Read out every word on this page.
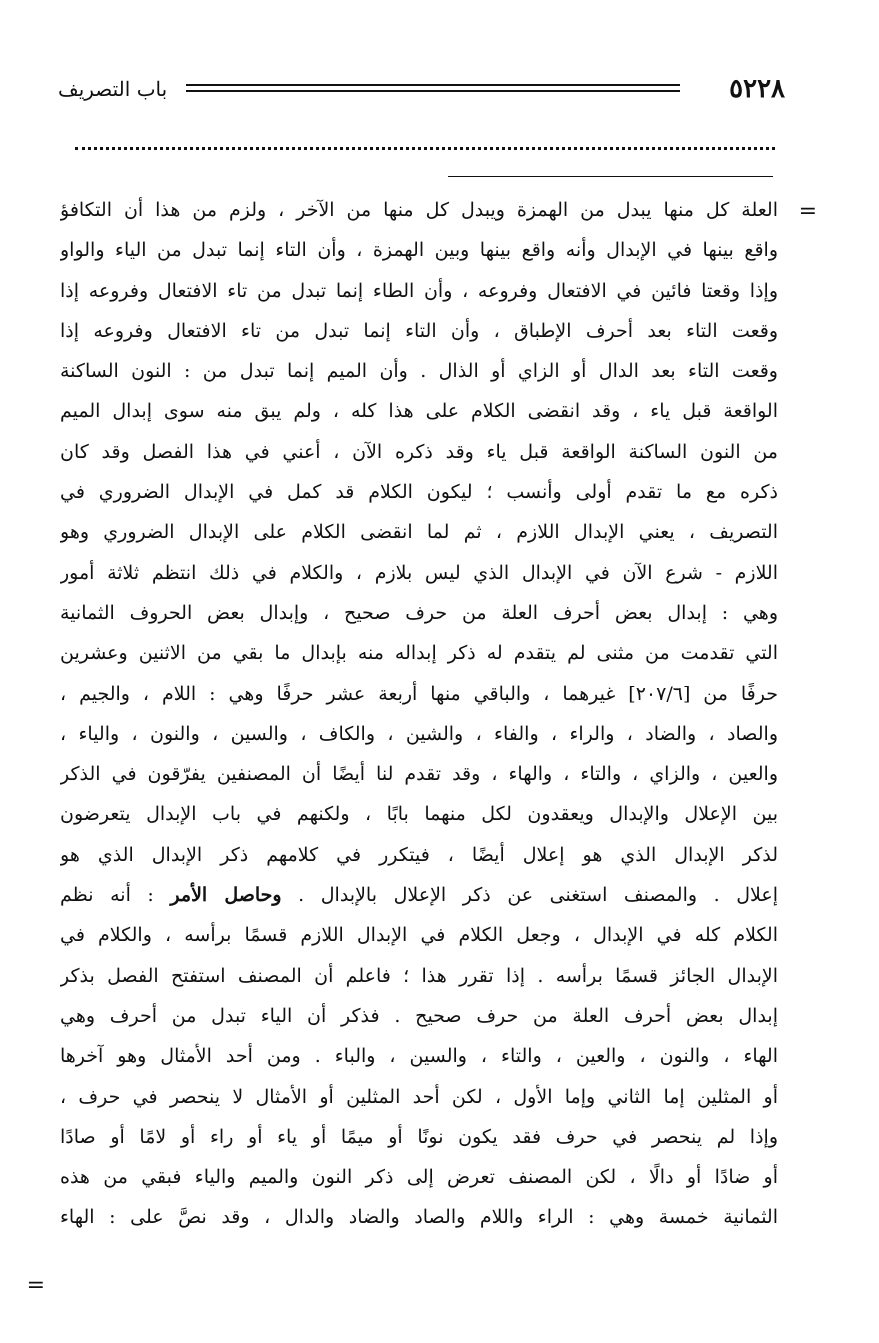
٥٢٢٨
باب التصريف
=
=
العلة كل منها يبدل من الهمزة ويبدل كل منها من الآخر ، ولزم من هذا أن التكافؤ
واقع بينها في الإبدال وأنه واقع بينها وبين الهمزة ، وأن التاء إنما تبدل من الياء والواو
وإذا وقعتا فائين في الافتعال وفروعه ، وأن الطاء إنما تبدل من تاء الافتعال وفروعه إذا
وقعت التاء بعد أحرف الإطباق ، وأن التاء إنما تبدل من تاء الافتعال وفروعه إذا
وقعت التاء بعد الدال أو الزاي أو الذال . وأن الميم إنما تبدل من : النون الساكنة
الواقعة قبل ياء ، وقد انقضى الكلام على هذا كله ، ولم يبق منه سوى إبدال الميم
من النون الساكنة الواقعة قبل ياء وقد ذكره الآن ، أعني في هذا الفصل وقد كان
ذكره مع ما تقدم أولى وأنسب ؛ ليكون الكلام قد كمل في الإبدال الضروري في
التصريف ، يعني الإبدال اللازم ، ثم لما انقضى الكلام على الإبدال الضروري وهو
اللازم - شرع الآن في الإبدال الذي ليس بلازم ، والكلام في ذلك انتظم ثلاثة أمور
وهي : إبدال بعض أحرف العلة من حرف صحيح ، وإبدال بعض الحروف الثمانية
التي تقدمت من مثنى لم يتقدم له ذكر إبداله منه بإبدال ما بقي من الاثنين وعشرين
حرفًا من [٢٠٧/٦] غيرهما ، والباقي منها أربعة عشر حرفًا وهي : اللام ، والجيم ،
والصاد ، والضاد ، والراء ، والفاء ، والشين ، والكاف ، والسين ، والنون ، والياء ،
والعين ، والزاي ، والتاء ، والهاء ، وقد تقدم لنا أيضًا أن المصنفين يفرّقون في الذكر
بين الإعلال والإبدال ويعقدون لكل منهما بابًا ، ولكنهم في باب الإبدال يتعرضون
لذكر الإبدال الذي هو إعلال أيضًا ، فيتكرر في كلامهم ذكر الإبدال الذي هو
إعلال . والمصنف استغنى عن ذكر الإعلال بالإبدال . وحاصل الأمر : أنه نظم
الكلام كله في الإبدال ، وجعل الكلام في الإبدال اللازم قسمًا برأسه ، والكلام في
الإبدال الجائز قسمًا برأسه . إذا تقرر هذا ؛ فاعلم أن المصنف استفتح الفصل بذكر
إبدال بعض أحرف العلة من حرف صحيح . فذكر أن الياء تبدل من أحرف وهي
الهاء ، والنون ، والعين ، والتاء ، والسين ، والباء . ومن أحد الأمثال وهو آخرها
أو المثلين إما الثاني وإما الأول ، لكن أحد المثلين أو الأمثال لا ينحصر في حرف ،
وإذا لم ينحصر في حرف فقد يكون نونًا أو ميمًا أو ياء أو راء أو لامًا أو صادًا
أو ضادًا أو دالًا ، لكن المصنف تعرض إلى ذكر النون والميم والياء فبقي من هذه
الثمانية خمسة وهي : الراء واللام والصاد والضاد والدال ، وقد نصَّ على : الهاء
